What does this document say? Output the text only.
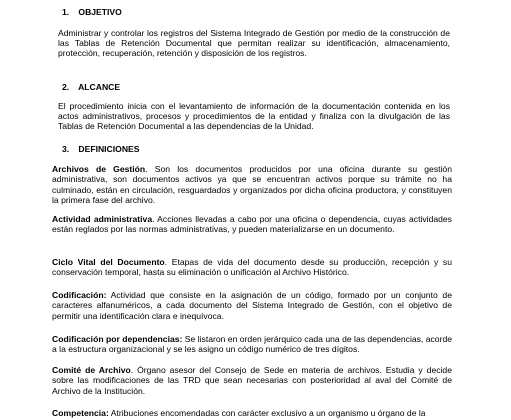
1. OBJETIVO
Administrar y controlar los registros del Sistema Integrado de Gestión por medio de la construcción de las Tablas de Retención Documental que permitan realizar su identificación, almacenamiento, protección, recuperación, retención y disposición de los registros.
2. ALCANCE
El procedimiento inicia con el levantamiento de información de la documentación contenida en los actos administrativos, procesos y procedimientos de la entidad y finaliza con la divulgación de las Tablas de Retención Documental a las dependencias de la Unidad.
3. DEFINICIONES
Archivos de Gestión. Son los documentos producidos por una oficina durante su gestión administrativa, son documentos activos ya que se encuentran activos porque su trámite no ha culminado, están en circulación, resguardados y organizados por dicha oficina productora, y constituyen la primera fase del archivo.
Actividad administrativa. Acciones llevadas a cabo por una oficina o dependencia, cuyas actividades están reglados por las normas administrativas, y pueden materializarse en un documento.
Ciclo Vital del Documento. Etapas de vida del documento desde su producción, recepción y su conservación temporal, hasta su eliminación o unificación al Archivo Histórico.
Codificación: Actividad que consiste en la asignación de un código, formado por un conjunto de caracteres alfanuméricos, a cada documento del Sistema Integrado de Gestión, con el objetivo de permitir una identificación clara e inequívoca.
Codificación por dependencias: Se listaron en orden jerárquico cada una de las dependencias, acorde a la estructura organizacional y se les asigno un código numérico de tres dígitos.
Comité de Archivo. Órgano asesor del Consejo de Sede en materia de archivos. Estudia y decide sobre las modificaciones de las TRD que sean necesarias con posterioridad al aval del Comité de Archivo de la Institución.
Competencia: Atribuciones encomendadas con carácter exclusivo a un organismo u órgano de la
